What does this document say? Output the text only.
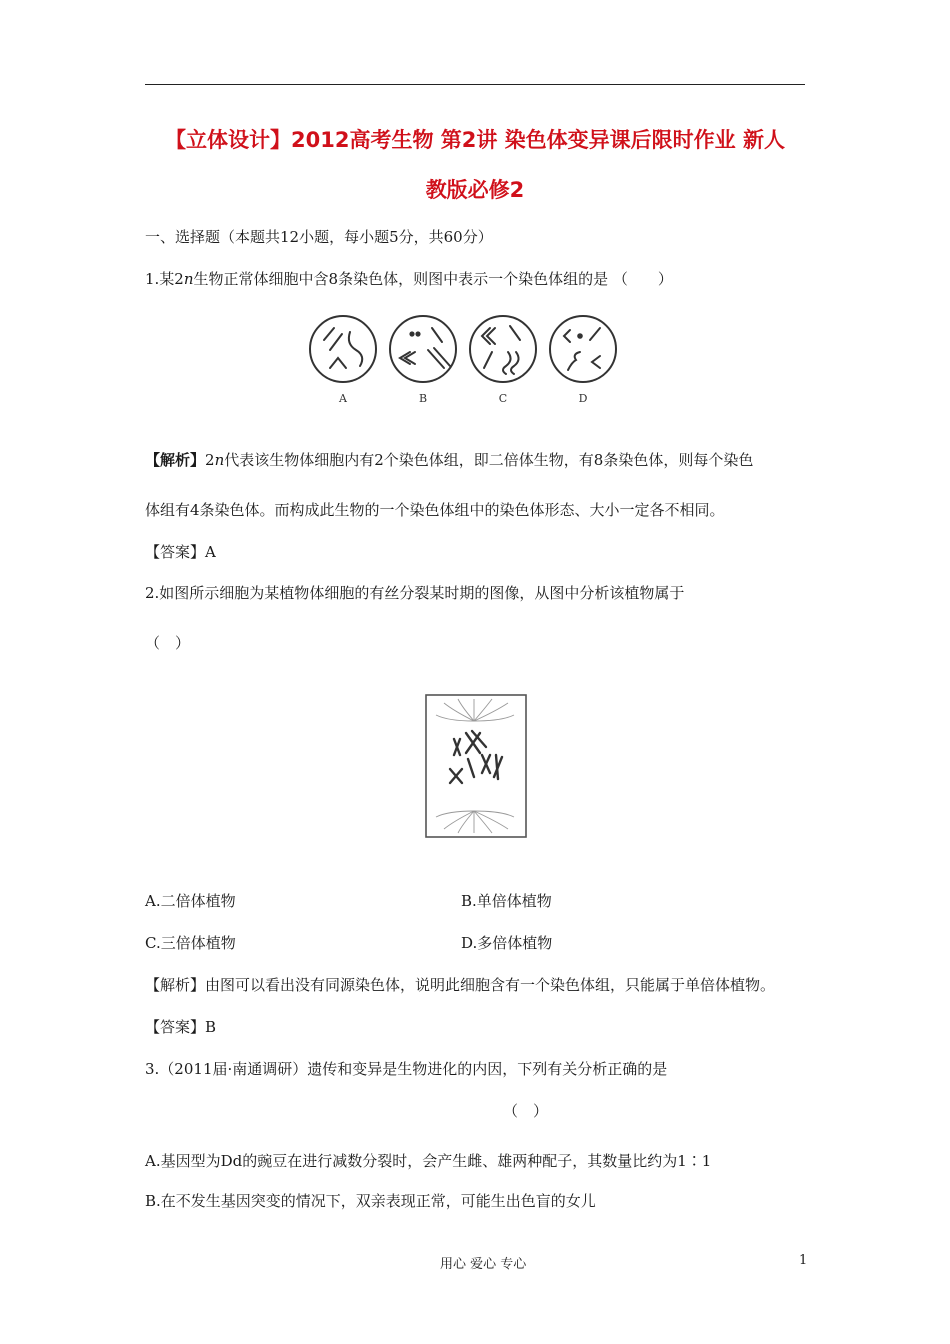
【立体设计】2012高考生物 第2讲 染色体变异课后限时作业 新人
教版必修2
一、选择题（本题共12小题，每小题5分，共60分）
1.某2n生物正常体细胞中含8条染色体，则图中表示一个染色体组的是 （　　）
A	B	C	D
【解析】2n代表该生物体细胞内有2个染色体组，即二倍体生物，有8条染色体，则每个染色
体组有4条染色体。而构成此生物的一个染色体组中的染色体形态、大小一定各不相同。
【答案】A
2.如图所示细胞为某植物体细胞的有丝分裂某时期的图像，从图中分析该植物属于
（　）
A.二倍体植物	B.单倍体植物
C.三倍体植物	D.多倍体植物
【解析】由图可以看出没有同源染色体，说明此细胞含有一个染色体组，只能属于单倍体植物。
【答案】B
3.（2011届·南通调研）遗传和变异是生物进化的内因，下列有关分析正确的是
（　）
A.基因型为Dd的豌豆在进行减数分裂时，会产生雌、雄两种配子，其数量比约为1∶1
B.在不发生基因突变的情况下，双亲表现正常，可能生出色盲的女儿
用心 爱心 专心	1
